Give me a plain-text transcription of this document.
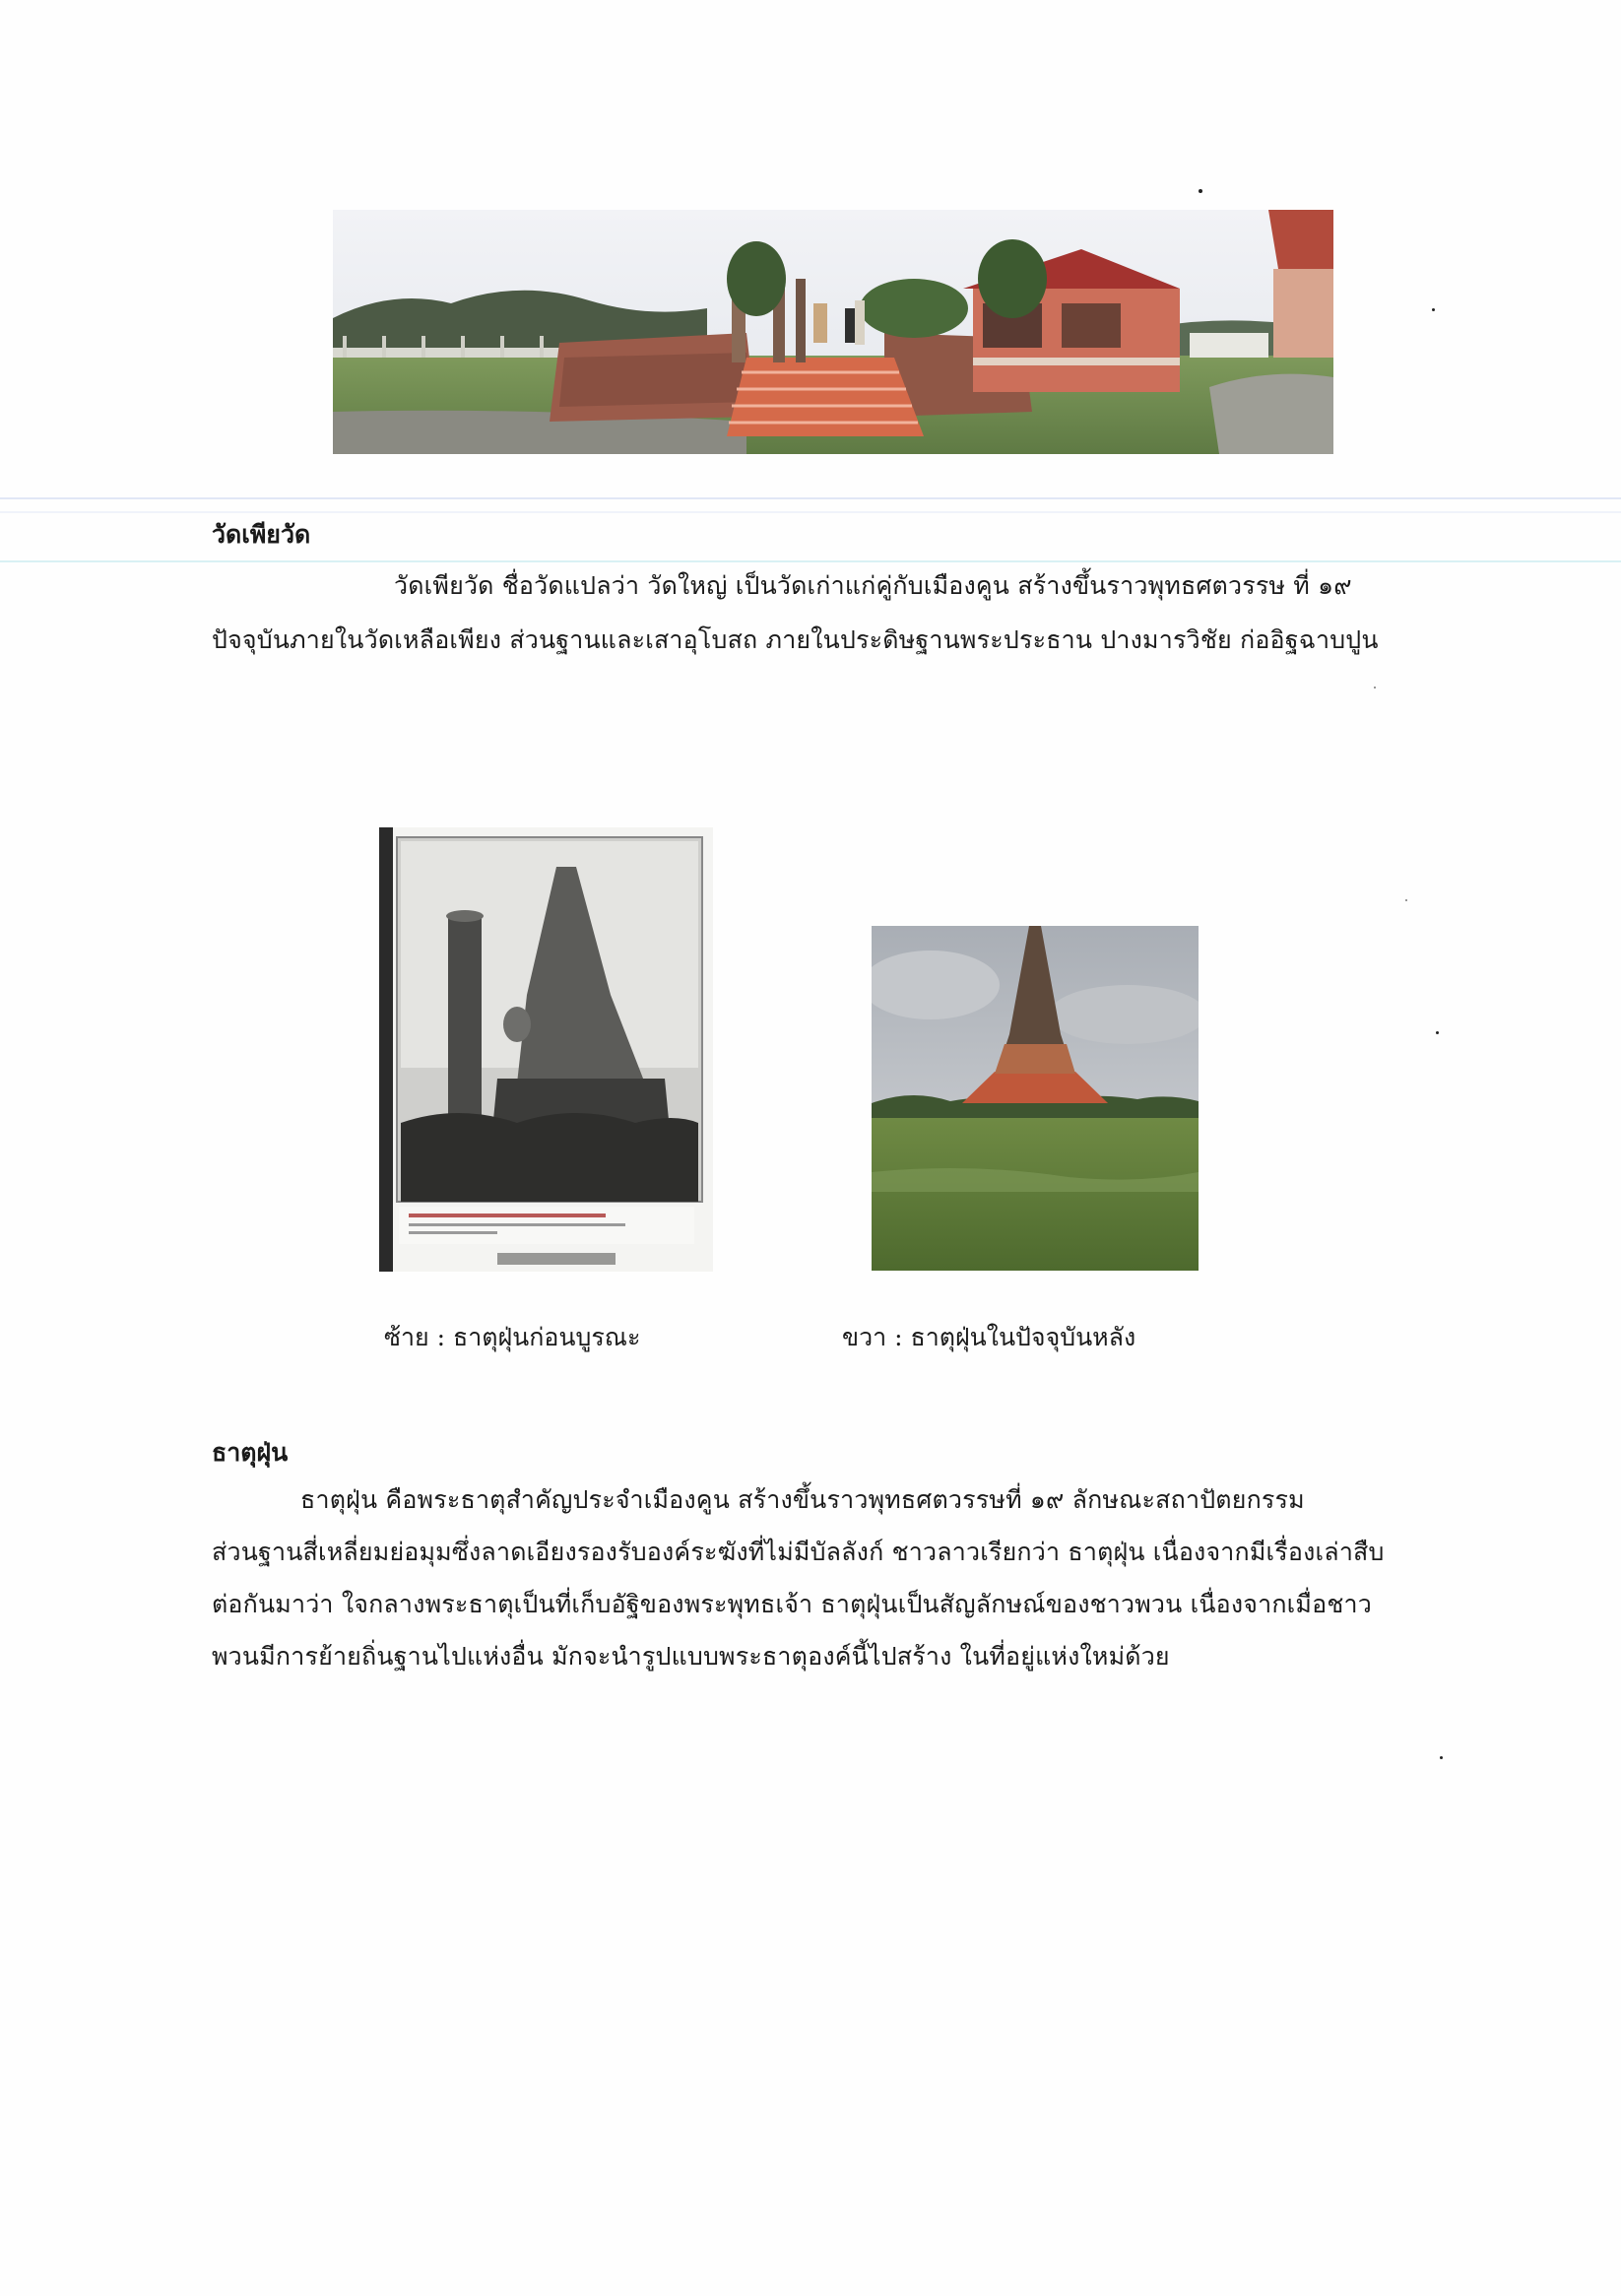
วัดเพียวัด
วัดเพียวัด ชื่อวัดแปลว่า วัดใหญ่ เป็นวัดเก่าแก่คู่กับเมืองคูน สร้างขึ้นราวพุทธศตวรรษ ที่ ๑๙
ปัจจุบันภายในวัดเหลือเพียง ส่วนฐานและเสาอุโบสถ ภายในประดิษฐานพระประธาน ปางมารวิชัย ก่ออิฐฉาบปูน
ซ้าย : ธาตุฝุ่นก่อนบูรณะ	ขวา : ธาตุฝุ่นในปัจจุบันหลัง
ธาตุฝุ่น
ธาตุฝุ่น คือพระธาตุสำคัญประจำเมืองคูน สร้างขึ้นราวพุทธศตวรรษที่ ๑๙ ลักษณะสถาปัตยกรรม
ส่วนฐานสี่เหลี่ยมย่อมุมซึ่งลาดเอียงรองรับองค์ระฆังที่ไม่มีบัลลังก์ ชาวลาวเรียกว่า ธาตุฝุ่น เนื่องจากมีเรื่องเล่าสืบ
ต่อกันมาว่า ใจกลางพระธาตุเป็นที่เก็บอัฐิของพระพุทธเจ้า ธาตุฝุ่นเป็นสัญลักษณ์ของชาวพวน เนื่องจากเมื่อชาว
พวนมีการย้ายถิ่นฐานไปแห่งอื่น มักจะนำรูปแบบพระธาตุองค์นี้ไปสร้าง ในที่อยู่แห่งใหม่ด้วย
